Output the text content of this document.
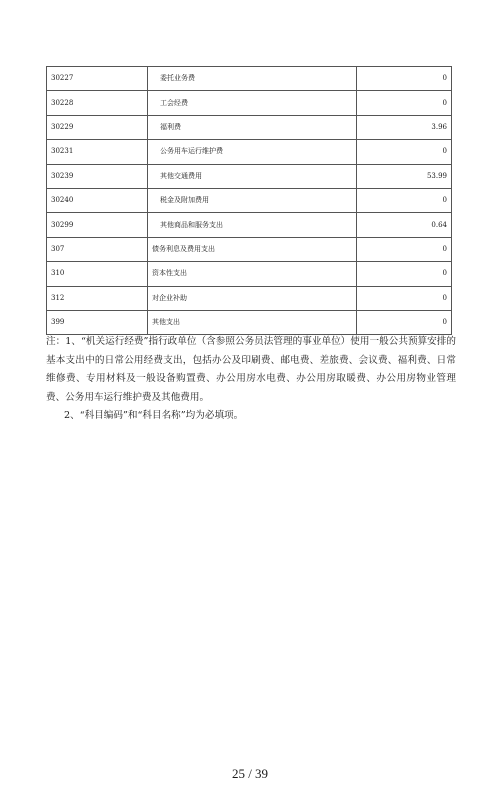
30227	委托业务费	0
30228	工会经费	0
30229	福利费	3.96
30231	公务用车运行维护费	0
30239	其他交通费用	53.99
30240	税金及附加费用	0
30299	其他商品和服务支出	0.64
307	债务利息及费用支出	0
310	资本性支出	0
312	对企业补助	0
399	其他支出	0

注：1、“机关运行经费”指行政单位（含参照公务员法管理的事业单位）使用一般公共预算安排的基本支出中的日常公用经费支出，包括办公及印刷费、邮电费、差旅费、会议费、福利费、日常维修费、专用材料及一般设备购置费、办公用房水电费、办公用房取暖费、办公用房物业管理费、公务用车运行维护费及其他费用。

2、“科目编码”和“科目名称”均为必填项。

25 / 39
